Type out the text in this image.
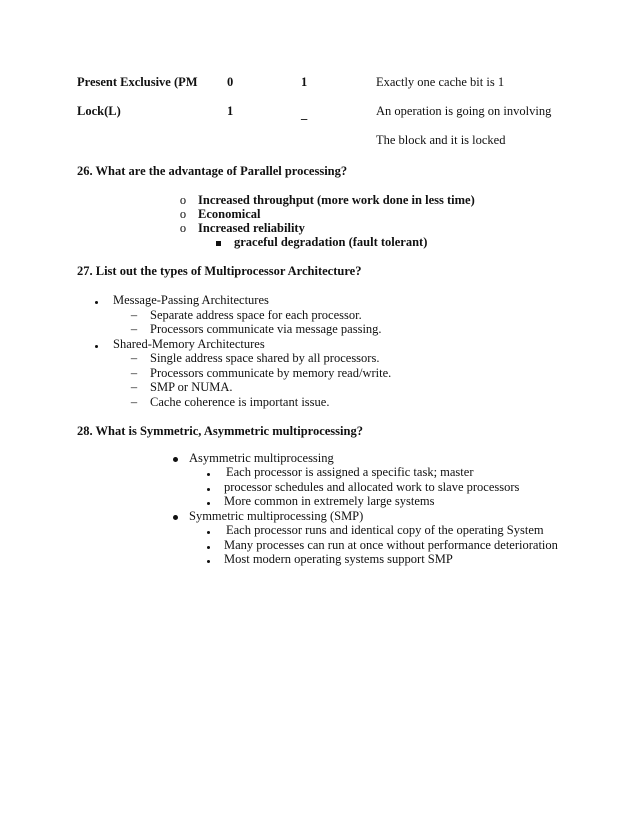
Present Exclusive (PM 0	1	Exactly one cache bit is 1
Lock(L)	1	_	An operation is going on involving
The block and it is locked
26. What are the advantage of Parallel processing?
o Increased throughput (more work done in less time)
o Economical
o Increased reliability
graceful degradation (fault tolerant)
27. List out the types of Multiprocessor Architecture?
Message-Passing Architectures
–	Separate address space for each processor.
–	Processors communicate via message passing.
Shared-Memory Architectures
–	Single address space shared by all processors.
–	Processors communicate by memory read/write.
–	SMP or NUMA.
–	Cache coherence is important issue.
28. What is Symmetric, Asymmetric multiprocessing?
Asymmetric multiprocessing
Each processor is assigned a specific task; master
processor schedules and allocated work to slave processors
More common in extremely large systems
Symmetric multiprocessing (SMP)
Each processor runs and identical copy of the operating System
Many processes can run at once without performance deterioration
Most modern operating systems support SMP
